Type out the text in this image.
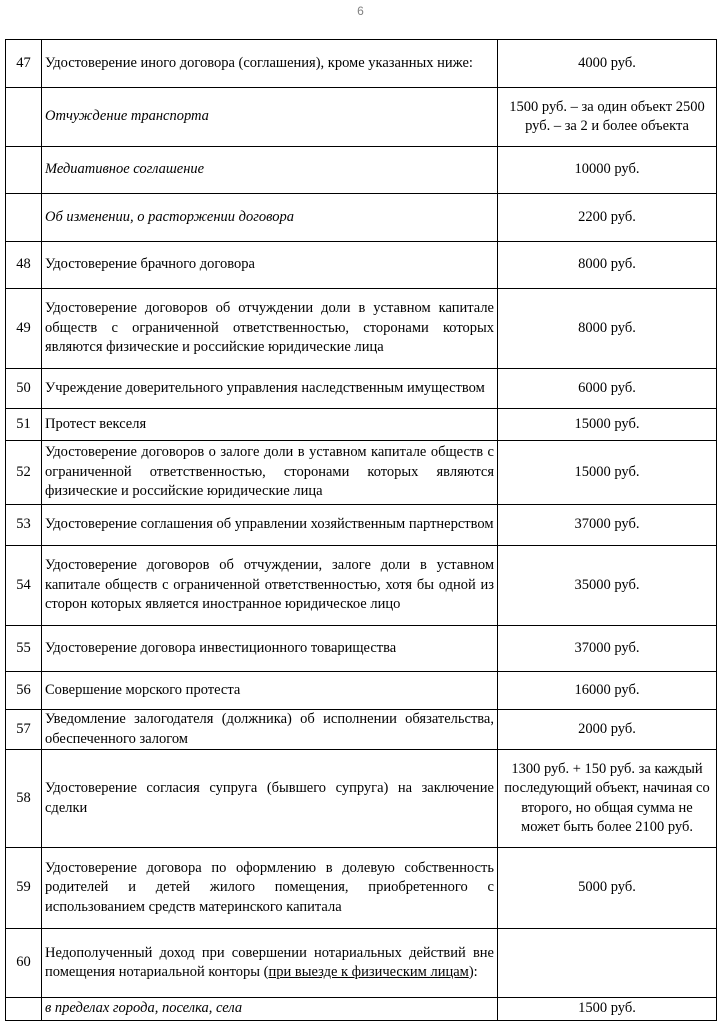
6
47	Удостоверение иного договора (соглашения), кроме указанных ниже:	4000 руб.
	Отчуждение транспорта	1500 руб. – за один объект 2500 руб. – за 2 и более объекта
	Медиативное соглашение	10000 руб.
	Об изменении, о расторжении договора	2200 руб.
48	Удостоверение брачного договора	8000 руб.
49	Удостоверение договоров об отчуждении доли в уставном капитале обществ с ограниченной ответственностью, сторонами которых являются физические и российские юридические лица	8000 руб.
50	Учреждение доверительного управления наследственным имуществом	6000 руб.
51	Протест векселя	15000 руб.
52	Удостоверение договоров о залоге доли в уставном капитале обществ с ограниченной ответственностью, сторонами которых являются физические и российские юридические лица	15000 руб.
53	Удостоверение соглашения об управлении хозяйственным партнерством	37000 руб.
54	Удостоверение договоров об отчуждении, залоге доли в уставном капитале обществ с ограниченной ответственностью, хотя бы одной из сторон которых является иностранное юридическое лицо	35000 руб.
55	Удостоверение договора инвестиционного товарищества	37000 руб.
56	Совершение морского протеста	16000 руб.
57	Уведомление залогодателя (должника) об исполнении обязательства, обеспеченного залогом	2000 руб.
58	Удостоверение согласия супруга (бывшего супруга) на заключение сделки	1300 руб. + 150 руб. за каждый последующий объект, начиная со второго, но общая сумма не может быть более 2100 руб.
59	Удостоверение договора по оформлению в долевую собственность родителей и детей жилого помещения, приобретенного с использованием средств материнского капитала	5000 руб.
60	Недополученный доход при совершении нотариальных действий вне помещения нотариальной конторы (при выезде к физическим лицам):	
	в пределах города, поселка, села	1500 руб.
